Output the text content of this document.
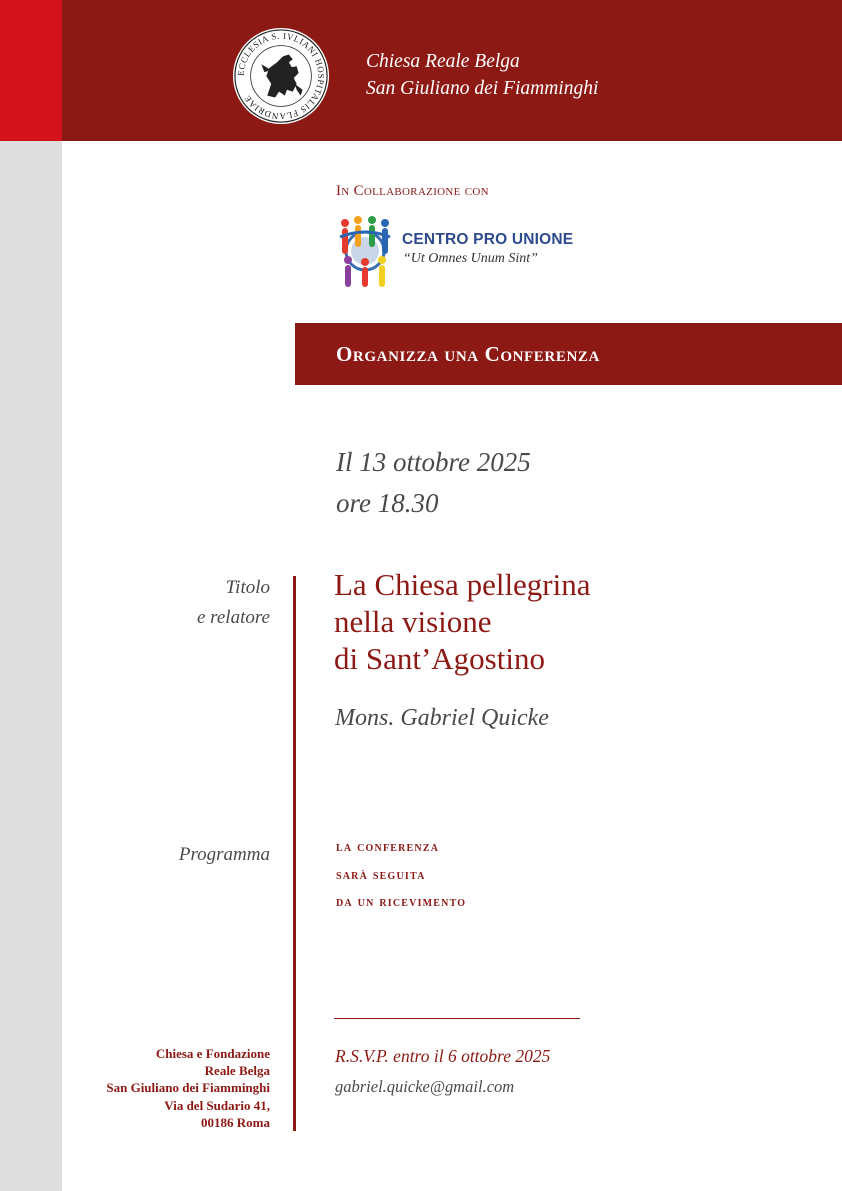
ECCLESIA S. IVLIANI HOSPITALIS FLANDRIAE
Chiesa Reale Belga
San Giuliano dei Fiamminghi
In Collaborazione con
CENTRO PRO UNIONE
“Ut Omnes Unum Sint”
Organizza una Conferenza
Il 13 ottobre 2025
ore 18.30
Titolo
e relatore
La Chiesa pellegrina
nella visione
di Sant’Agostino
Mons. Gabriel Quicke
Programma	la conferenza
sarà seguita
da un ricevimento
R.S.V.P. entro il 6 ottobre 2025
gabriel.quicke@gmail.com
Chiesa e Fondazione
Reale Belga
San Giuliano dei Fiamminghi
Via del Sudario 41,
00186 Roma
